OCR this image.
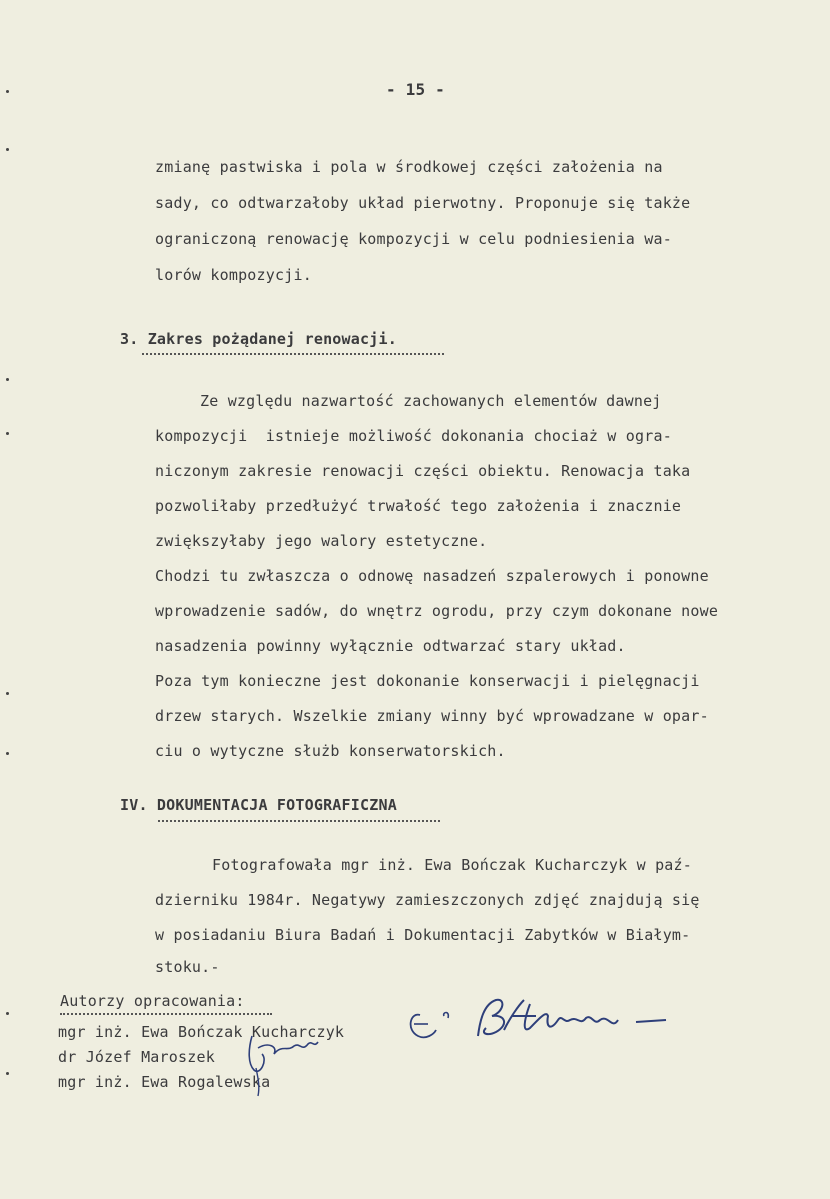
- 15 -
zmianę pastwiska i pola w środkowej części założenia na
sady, co odtwarzałoby układ pierwotny. Proponuje się także
ograniczoną renowację kompozycji w celu podniesienia wa-
lorów kompozycji.
3. Zakres pożądanej renowacji.
Ze względu nazwartość zachowanych elementów dawnej
kompozycji  istnieje możliwość dokonania chociaż w ogra-
niczonym zakresie renowacji części obiektu. Renowacja taka
pozwoliłaby przedłużyć trwałość tego założenia i znacznie
zwiększyłaby jego walory estetyczne.
Chodzi tu zwłaszcza o odnowę nasadzeń szpalerowych i ponowne
wprowadzenie sadów, do wnętrz ogrodu, przy czym dokonane nowe
nasadzenia powinny wyłącznie odtwarzać stary układ.
Poza tym konieczne jest dokonanie konserwacji i pielęgnacji
drzew starych. Wszelkie zmiany winny być wprowadzane w opar-
ciu o wytyczne służb konserwatorskich.
IV. DOKUMENTACJA FOTOGRAFICZNA
Fotografowała mgr inż. Ewa Bończak Kucharczyk w paź-
dzierniku 1984r. Negatywy zamieszczonych zdjęć znajdują się
w posiadaniu Biura Badań i Dokumentacji Zabytków w Białym-
stoku.-
Autorzy opracowania:
mgr inż. Ewa Bończak Kucharczyk
dr Józef Maroszek
mgr inż. Ewa Rogalewska
